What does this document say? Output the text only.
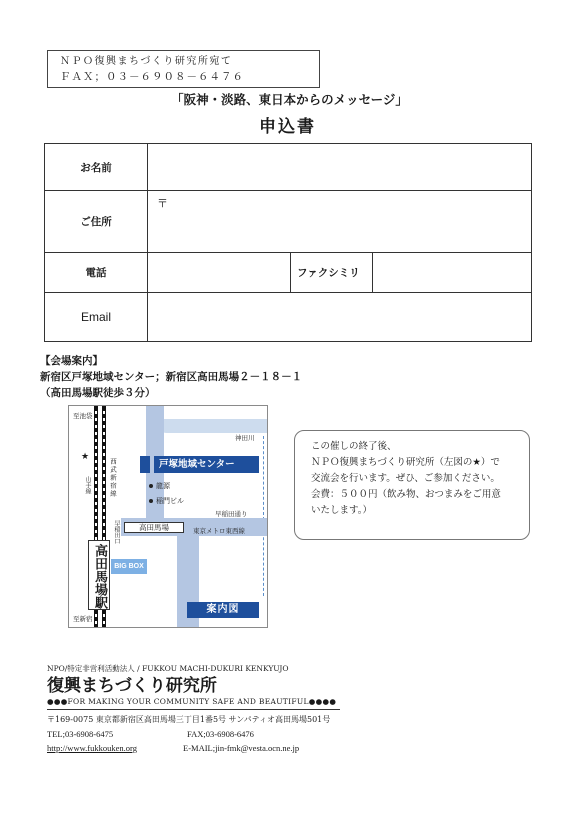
ＮＰＯ復興まちづくり研究所宛て
ＦＡＸ；０３－６９０８－６４７６
「阪神・淡路、東日本からのメッセージ」
申込書
お名前			
ご住所	〒		
電話		ファクシミリ	
Email			
【会場案内】
新宿区戸塚地域センター；新宿区高田馬場２－１８－１
（高田馬場駅徒歩３分）
神田川
至池袋
至新宿
★
山手線	西武新宿線	戸塚地域センター
龍源
稲門ビル
早稲田通り
早稲田口	高田馬場	東京メトロ東西線
高田馬場駅	BIG BOX
案内図
この催しの終了後、
ＮＰＯ復興まちづくり研究所（左図の★）で
交流会を行います。ぜひ、ご参加ください。
会費：５００円（飲み物、おつまみをご用意
いたします。）
NPO/特定非営利活動法人 / FUKKOU MACHI-DUKURI KENKYUJO
復興まちづくり研究所
●●●FOR MAKING YOUR COMMUNITY SAFE AND BEAUTIFUL●●●●
〒169-0075 東京都新宿区高田馬場三丁目1番5号 サンパティオ高田馬場501号
TEL;03-6908-6475	FAX;03-6908-6476
http://www.fukkouken.org	E-MAIL;jin-fmk@vesta.ocn.ne.jp
